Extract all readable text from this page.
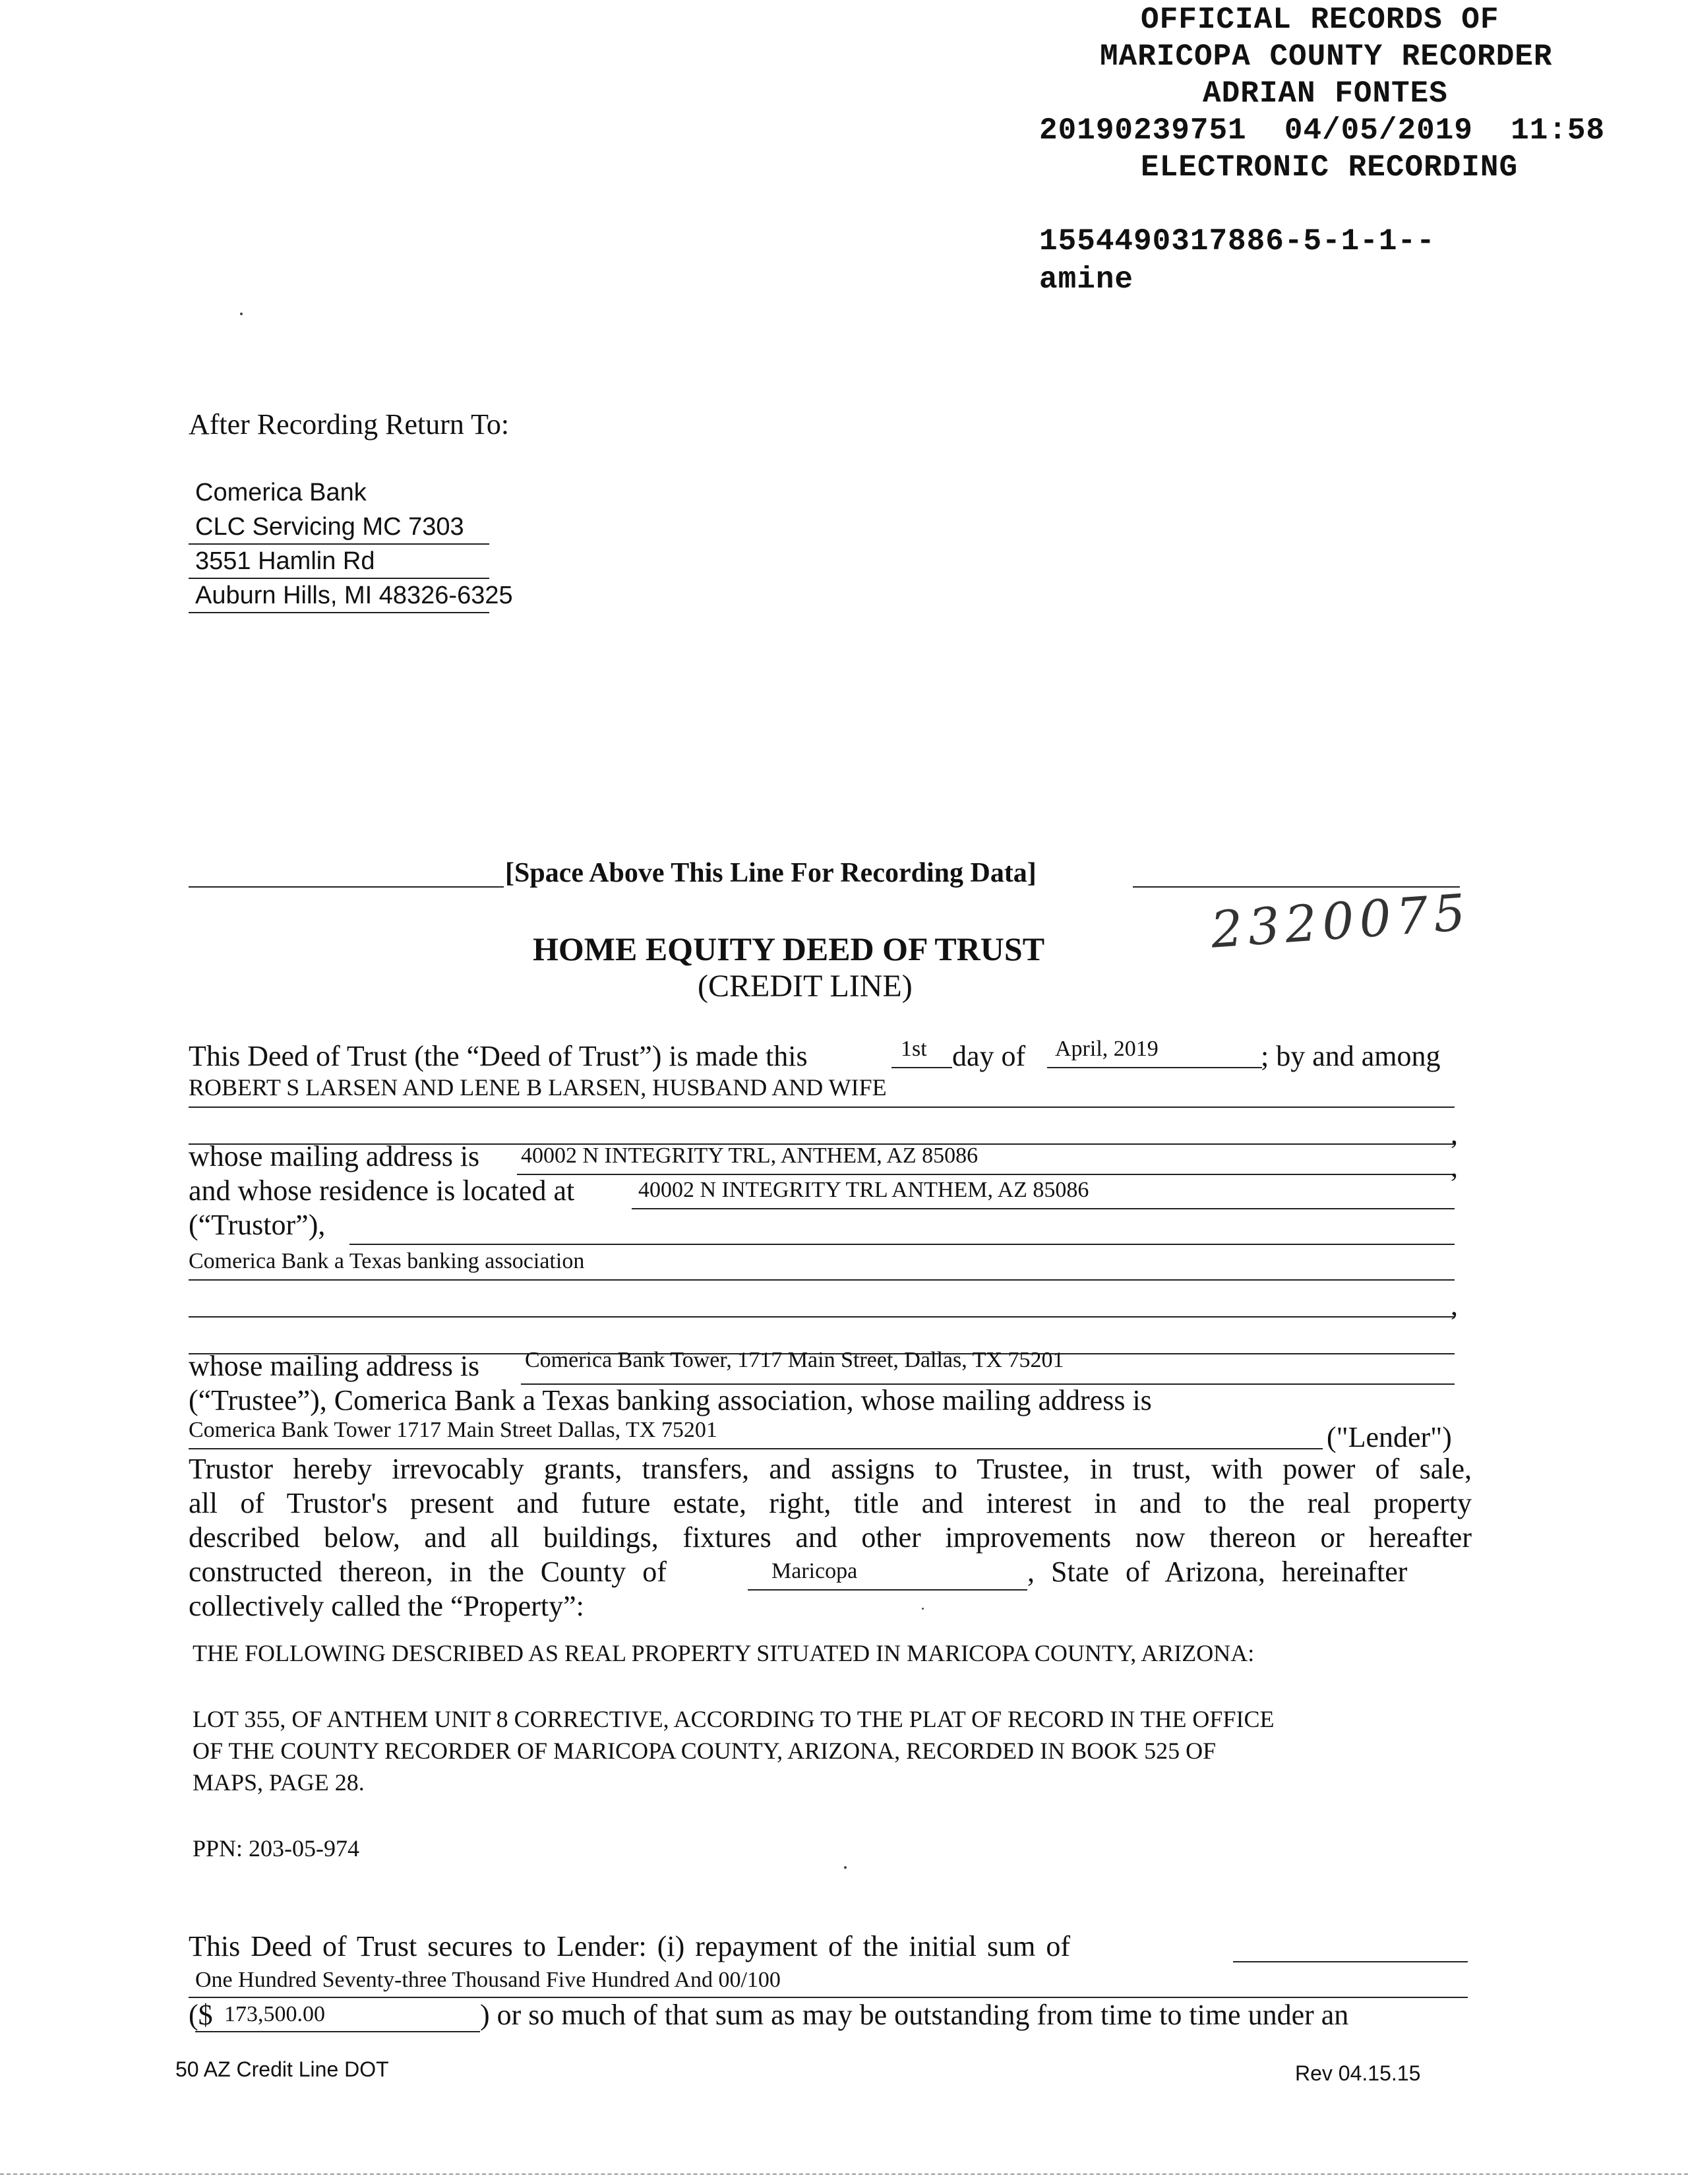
OFFICIAL RECORDS OF
MARICOPA COUNTY RECORDER
ADRIAN FONTES
20190239751  04/05/2019  11:58
ELECTRONIC RECORDING
1554490317886-5-1-1--
amine
After Recording Return To:
Comerica Bank
CLC Servicing MC 7303
3551 Hamlin Rd
Auburn Hills, MI 48326-6325
[Space Above This Line For Recording Data]
2320075
HOME EQUITY DEED OF TRUST
(CREDIT LINE)
This Deed of Trust (the “Deed of Trust”) is made this	1st day of April, 2019	; by and among
ROBERT S LARSEN AND LENE B LARSEN, HUSBAND AND WIFE
,
whose mailing address is 40002 N INTEGRITY TRL, ANTHEM, AZ 85086	,
and whose residence is located at	40002 N INTEGRITY TRL ANTHEM, AZ 85086
(“Trustor”),
Comerica Bank a Texas banking association
,
whose mailing address is Comerica Bank Tower, 1717 Main Street, Dallas, TX 75201
(“Trustee”), Comerica Bank a Texas banking association, whose mailing address is
Comerica Bank Tower 1717 Main Street Dallas, TX 75201	("Lender")
Trustor hereby irrevocably grants, transfers, and assigns to Trustee, in trust, with power of sale,
all of Trustor's present and future estate, right, title and interest in and to the real property
described below, and all buildings, fixtures and other improvements now thereon or hereafter
constructed thereon, in the County of	Maricopa	, State of Arizona, hereinafter
collectively called the “Property”:
THE FOLLOWING DESCRIBED AS REAL PROPERTY SITUATED IN MARICOPA COUNTY, ARIZONA:
LOT 355, OF ANTHEM UNIT 8 CORRECTIVE, ACCORDING TO THE PLAT OF RECORD IN THE OFFICE
OF THE COUNTY RECORDER OF MARICOPA COUNTY, ARIZONA, RECORDED IN BOOK 525 OF
MAPS, PAGE 28.
PPN: 203-05-974
This Deed of Trust secures to Lender: (i) repayment of the initial sum of
One Hundred Seventy-three Thousand Five Hundred And 00/100
($ 173,500.00	) or so much of that sum as may be outstanding from time to time under an
50 AZ Credit Line DOT	Rev 04.15.15
